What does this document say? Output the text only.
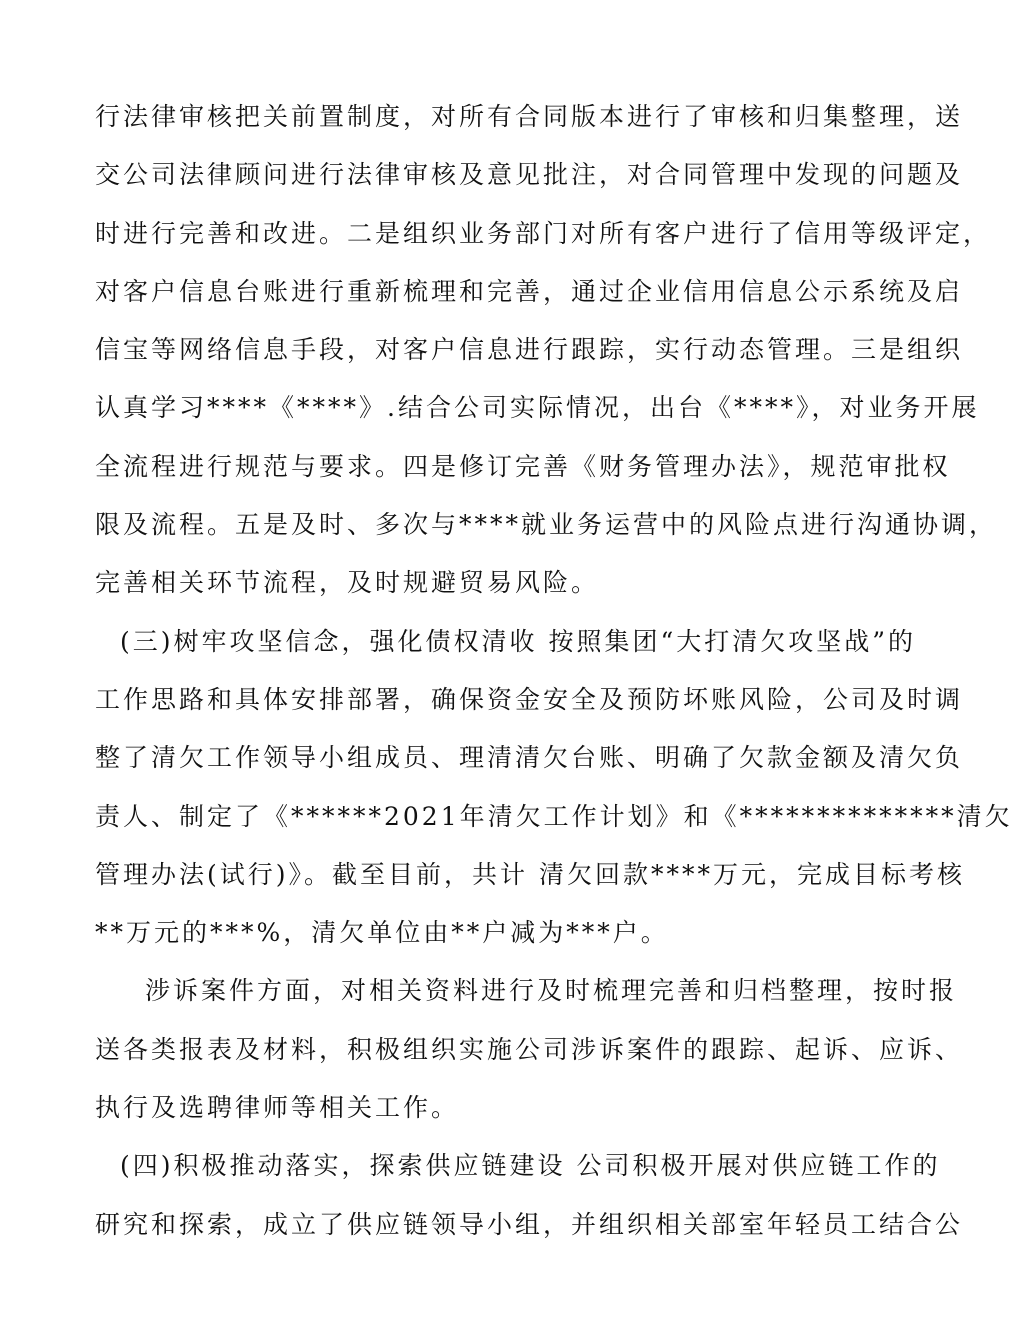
行法律审核把关前置制度，对所有合同版本进行了审核和归集整理，送
交公司法律顾问进行法律审核及意见批注，对合同管理中发现的问题及
时进行完善和改进。二是组织业务部门对所有客户进行了信用等级评定，
对客户信息台账进行重新梳理和完善，通过企业信用信息公示系统及启
信宝等网络信息手段，对客户信息进行跟踪，实行动态管理。三是组织
认真学习****《****》.结合公司实际情况，出台《****》，对业务开展
全流程进行规范与要求。四是修订完善《财务管理办法》，规范审批权
限及流程。五是及时、多次与****就业务运营中的风险点进行沟通协调，
完善相关环节流程，及时规避贸易风险。
(三)树牢攻坚信念，强化债权清收 按照集团“大打清欠攻坚战”的
工作思路和具体安排部署，确保资金安全及预防坏账风险，公司及时调
整了清欠工作领导小组成员、理清清欠台账、明确了欠款金额及清欠负
责人、制定了《******2021年清欠工作计划》和《**************清欠
管理办法(试行)》。截至目前，共计 清欠回款****万元，完成目标考核
**万元的***%，清欠单位由**户减为***户。
涉诉案件方面，对相关资料进行及时梳理完善和归档整理，按时报
送各类报表及材料，积极组织实施公司涉诉案件的跟踪、起诉、应诉、
执行及选聘律师等相关工作。
(四)积极推动落实，探索供应链建设 公司积极开展对供应链工作的
研究和探索，成立了供应链领导小组，并组织相关部室年轻员工结合公
